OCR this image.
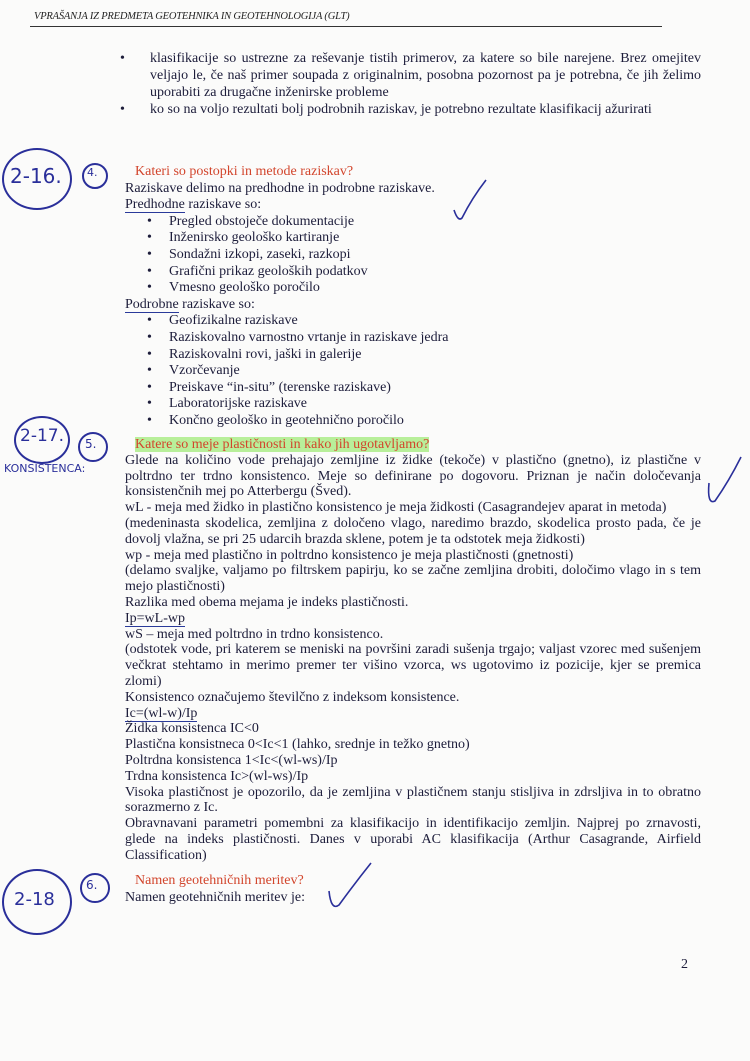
VPRAŠANJA IZ PREDMETA GEOTEHNIKA IN GEOTEHNOLOGIJA (GLT)
• klasifikacije so ustrezne za reševanje tistih primerov, za katere so bile narejene. Brez omejitev veljajo le, če naš primer soupada z originalnim, posobna pozornost pa je potrebna, če jih želimo uporabiti za drugačne inženirske probleme
• ko so na voljo rezultati bolj podrobnih raziskav, je potrebno rezultate klasifikacij ažurirati
2-16. 4.	Kateri so postopki in metode raziskav?
Raziskave delimo na predhodne in podrobne raziskave.
Predhodne raziskave so:
• Pregled obstoječe dokumentacije
• Inženirsko geološko kartiranje
• Sondažni izkopi, zaseki, razkopi
• Grafični prikaz geoloških podatkov
• Vmesno geološko poročilo
Podrobne raziskave so:
• Geofizikalne raziskave
• Raziskovalno varnostno vrtanje in raziskave jedra
• Raziskovalni rovi, jaški in galerije
• Vzorčevanje
• Preiskave “in-situ” (terenske raziskave)
• Laboratorijske raziskave
• Končno geološko in geotehnično poročilo
2-17. 5.
KONSISTENCA:
Katere so meje plastičnosti in kako jih ugotavljamo?
Glede na količino vode prehajajo zemljine iz židke (tekoče) v plastično (gnetno), iz plastične v poltrdno ter trdno konsistenco. Meje so definirane po dogovoru. Priznan je način določevanja konsistenčnih mej po Atterbergu (Šved).
wL - meja med židko in plastično konsistenco je meja židkosti (Casagrandejev aparat in metoda)
(medeninasta skodelica, zemljina z določeno vlago, naredimo brazdo, skodelica prosto pada, če je dovolj vlažna, se pri 25 udarcih brazda sklene, potem je ta odstotek meja židkosti)
wp - meja med plastično in poltrdno konsistenco je meja plastičnosti (gnetnosti)
(delamo svaljke, valjamo po filtrskem papirju, ko se začne zemljina drobiti, določimo vlago in s tem mejo plastičnosti)
Razlika med obema mejama je indeks plastičnosti.
Ip=wL-wp
wS – meja med poltrdno in trdno konsistenco.
(odstotek vode, pri katerem se meniski na površini zaradi sušenja trgajo; valjast vzorec med sušenjem večkrat stehtamo in merimo premer ter višino vzorca, ws ugotovimo iz pozicije, kjer se premica zlomi)
Konsistenco označujemo številčno z indeksom konsistence.
Ic=(wl-w)/Ip
Židka konsistenca IC<0
Plastična konsistneca 0<Ic<1 (lahko, srednje in težko gnetno)
Poltrdna konsistenca 1<Ic<(wl-ws)/Ip
Trdna konsistenca Ic>(wl-ws)/Ip
Visoka plastičnost je opozorilo, da je zemljina v plastičnem stanju stisljiva in zdrsljiva in to obratno sorazmerno z Ic.
Obravnavani parametri pomembni za klasifikacijo in identifikacijo zemljin. Najprej po zrnavosti, glede na indeks plastičnosti. Danes v uporabi AC klasifikacija (Arthur Casagrande, Airfield Classification)
2-18
6.	Namen geotehničnih meritev?
Namen geotehničnih meritev je:
2
